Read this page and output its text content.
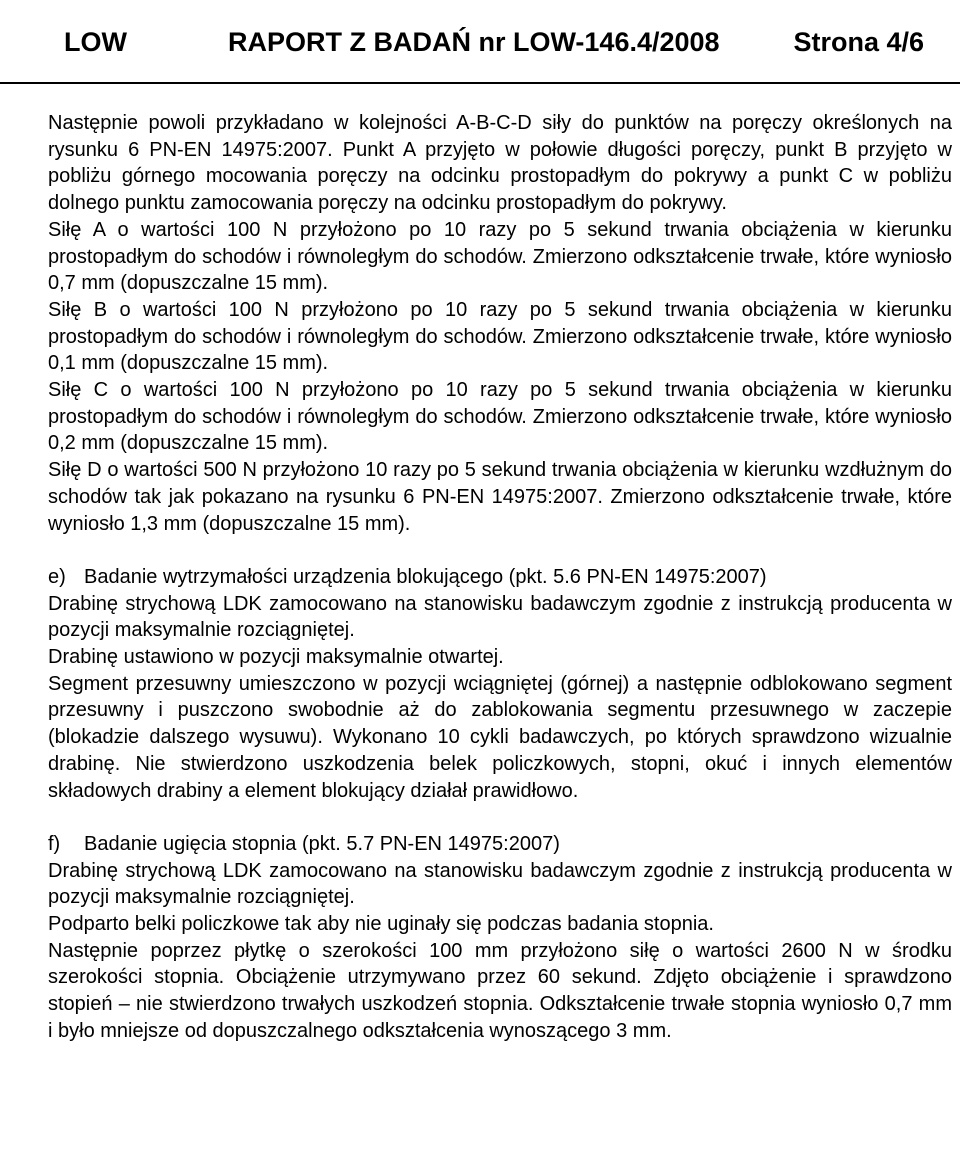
LOW	RAPORT Z BADAŃ nr LOW-146.4/2008	Strona 4/6

Następnie powoli przykładano w kolejności A-B-C-D siły do punktów na poręczy określonych na rysunku 6 PN-EN 14975:2007. Punkt A przyjęto w połowie długości poręczy, punkt B przyjęto w pobliżu górnego mocowania poręczy na odcinku prostopadłym do pokrywy a punkt C w pobliżu dolnego punktu zamocowania poręczy na odcinku prostopadłym do pokrywy.

Siłę A o wartości 100 N przyłożono po 10 razy po 5 sekund trwania obciążenia w kierunku prostopadłym do schodów i równoległym do schodów. Zmierzono odkształcenie trwałe, które wyniosło 0,7 mm (dopuszczalne 15 mm).

Siłę B o wartości 100 N przyłożono po 10 razy po 5 sekund trwania obciążenia w kierunku prostopadłym do schodów i równoległym do schodów. Zmierzono odkształcenie trwałe, które wyniosło 0,1 mm (dopuszczalne 15 mm).

Siłę C o wartości 100 N przyłożono po 10 razy po 5 sekund trwania obciążenia w kierunku prostopadłym do schodów i równoległym do schodów. Zmierzono odkształcenie trwałe, które wyniosło 0,2 mm (dopuszczalne 15 mm).

Siłę D o wartości 500 N przyłożono 10 razy po 5 sekund trwania obciążenia w kierunku wzdłużnym do schodów tak jak pokazano na rysunku 6 PN-EN 14975:2007. Zmierzono odkształcenie trwałe, które wyniosło 1,3 mm (dopuszczalne 15 mm).

e) Badanie wytrzymałości urządzenia blokującego (pkt. 5.6 PN-EN 14975:2007)

Drabinę strychową LDK zamocowano na stanowisku badawczym zgodnie z instrukcją producenta w pozycji maksymalnie rozciągniętej.

Drabinę ustawiono w pozycji maksymalnie otwartej.

Segment przesuwny umieszczono w pozycji wciągniętej (górnej) a następnie odblokowano segment przesuwny i puszczono swobodnie aż do zablokowania segmentu przesuwnego w zaczepie (blokadzie dalszego wysuwu). Wykonano 10 cykli badawczych, po których sprawdzono wizualnie drabinę. Nie stwierdzono uszkodzenia belek policzkowych, stopni, okuć i innych elementów składowych drabiny a element blokujący działał prawidłowo.

f) Badanie ugięcia stopnia (pkt. 5.7 PN-EN 14975:2007)

Drabinę strychową LDK zamocowano na stanowisku badawczym zgodnie z instrukcją producenta w pozycji maksymalnie rozciągniętej.

Podparto belki policzkowe tak aby nie uginały się podczas badania stopnia.

Następnie poprzez płytkę o szerokości 100 mm przyłożono siłę o wartości 2600 N w środku szerokości stopnia. Obciążenie utrzymywano przez 60 sekund. Zdjęto obciążenie i sprawdzono stopień – nie stwierdzono trwałych uszkodzeń stopnia. Odkształcenie trwałe stopnia wyniosło 0,7 mm i było mniejsze od dopuszczalnego odkształcenia wynoszącego 3 mm.
